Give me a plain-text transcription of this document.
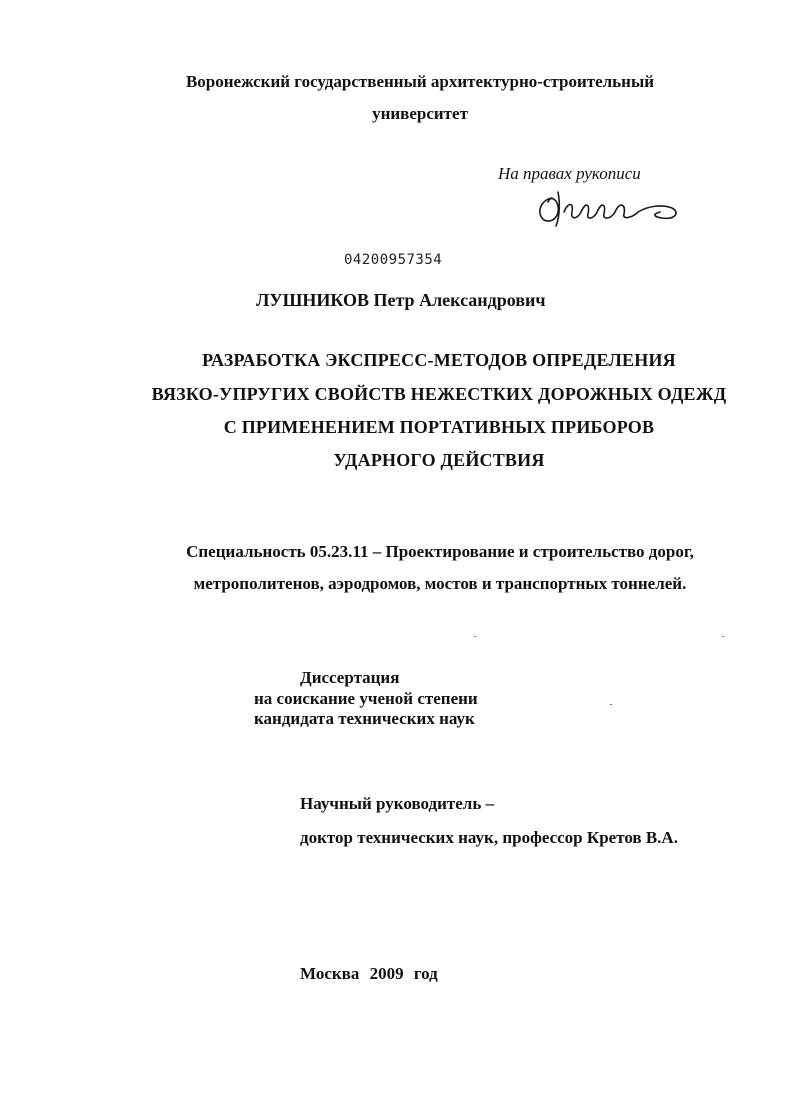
Воронежский государственный архитектурно-строительный
университет
На правах рукописи
04200957354
ЛУШНИКОВ Петр Александрович
РАЗРАБОТКА ЭКСПРЕСС-МЕТОДОВ ОПРЕДЕЛЕНИЯ
ВЯЗКО-УПРУГИХ СВОЙСТВ НЕЖЕСТКИХ ДОРОЖНЫХ ОДЕЖД
С ПРИМЕНЕНИЕМ ПОРТАТИВНЫХ ПРИБОРОВ
УДАРНОГО ДЕЙСТВИЯ
Специальность 05.23.11 – Проектирование и строительство дорог,
метрополитенов, аэродромов, мостов и транспортных тоннелей.
Диссертация
на соискание ученой степени
кандидата технических наук
Научный руководитель –
доктор технических наук, профессор Кретов В.А.
Москва 2009 год
